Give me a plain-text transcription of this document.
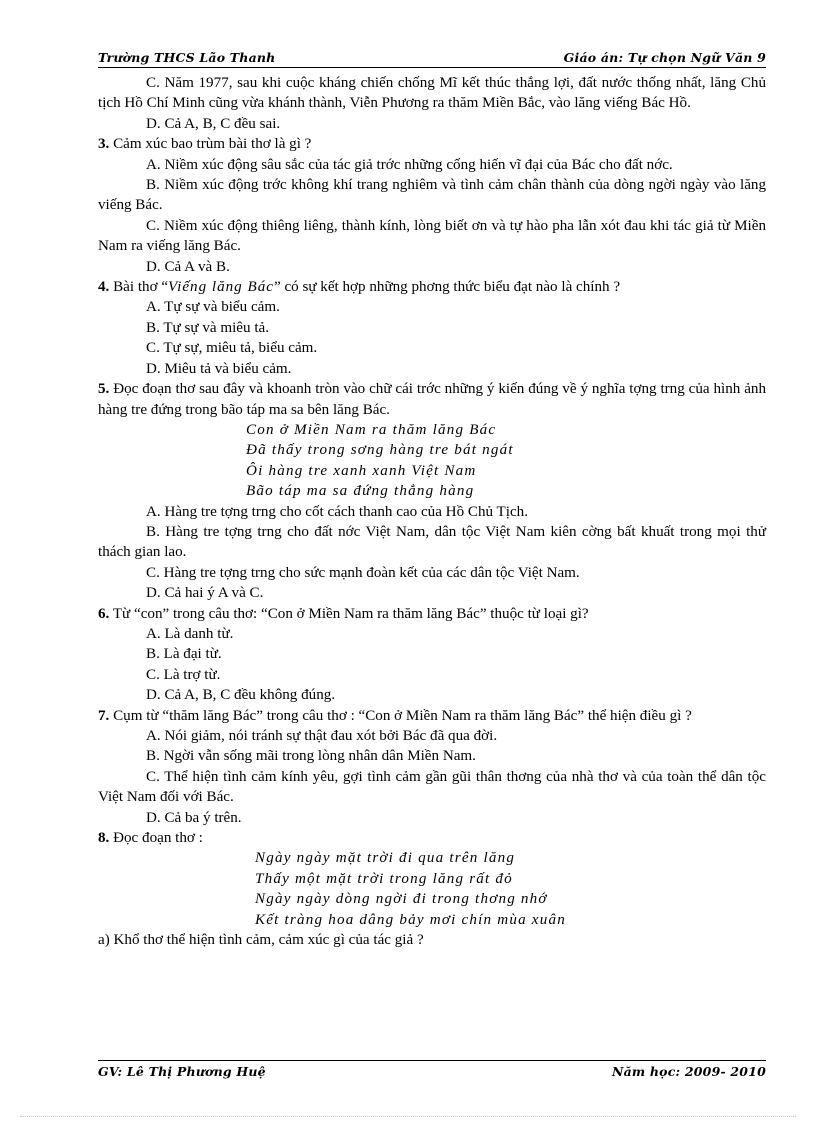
Trường THCS Lão Thanh	Giáo án: Tự chọn Ngữ Văn 9

C. Năm 1977, sau khi cuộc kháng chiến chống Mĩ kết thúc thắng lợi, đất nước thống nhất, lăng Chủ tịch Hồ Chí Minh cũng vừa khánh thành, Viễn Phương ra thăm Miền Bắc, vào lăng viếng Bác Hồ.

D. Cả A, B, C đều sai.

3. Cảm xúc bao trùm bài thơ là gì ?

A. Niềm xúc động sâu sắc của tác giả trớc những cống hiến vĩ đại của Bác cho đất nớc.

B. Niềm xúc động trớc không khí trang nghiêm và tình cảm chân thành của dòng ngời ngày vào lăng viếng Bác.

C. Niềm xúc động thiêng liêng, thành kính, lòng biết ơn và tự hào pha lẫn xót đau khi tác giả từ Miền Nam ra viếng lăng Bác.

D. Cả A và B.

4. Bài thơ “Viếng lăng Bác” có sự kết hợp những phơng thức biểu đạt nào là chính ?

A. Tự sự và biểu cảm.

B. Tự sự và miêu tả.

C. Tự sự, miêu tả, biểu cảm.

D. Miêu tả và biểu cảm.

5. Đọc đoạn thơ sau đây và khoanh tròn vào chữ cái trớc những ý kiến đúng về ý nghĩa tợng trng của hình ảnh hàng tre đứng trong bão táp ma sa bên lăng Bác.

Con ở Miền Nam ra thăm lăng Bác

Đã thấy trong sơng hàng tre bát ngát

Ôi hàng tre xanh xanh Việt Nam

Bão táp ma sa đứng thẳng hàng

A. Hàng tre tợng trng cho cốt cách thanh cao của Hồ Chủ Tịch.

B. Hàng tre tợng trng cho đất nớc Việt Nam, dân tộc Việt Nam kiên cờng bất khuất trong mọi thử thách gian lao.

C. Hàng tre tợng trng cho sức mạnh đoàn kết của các dân tộc Việt Nam.

D. Cả hai ý A và C.

6. Từ “con” trong câu thơ: “Con ở Miền Nam ra thăm lăng Bác” thuộc từ loại gì?

A. Là danh từ.

B. Là đại từ.

C. Là trợ từ.

D. Cả A, B, C đều không đúng.

7. Cụm từ “thăm lăng Bác” trong câu thơ : “Con ở Miền Nam ra thăm lăng Bác” thể hiện điều gì ?

A. Nói giảm, nói tránh sự thật đau xót bởi Bác đã qua đời.

B. Ngời vẫn sống mãi trong lòng nhân dân Miền Nam.

C. Thể hiện tình cảm kính yêu, gợi tình cảm gần gũi thân thơng của nhà thơ và của toàn thể dân tộc Việt Nam đối với Bác.

D. Cả ba ý trên.

8. Đọc đoạn thơ :

Ngày ngày mặt trời đi qua trên lăng

Thấy một mặt trời trong lăng rất đỏ

Ngày ngày dòng ngời đi trong thơng nhớ

Kết tràng hoa dâng bảy mơi chín mùa xuân

a) Khổ thơ thể hiện tình cảm, cảm xúc gì của tác giả ?

GV: Lê Thị Phương Huệ	Năm học: 2009- 2010
